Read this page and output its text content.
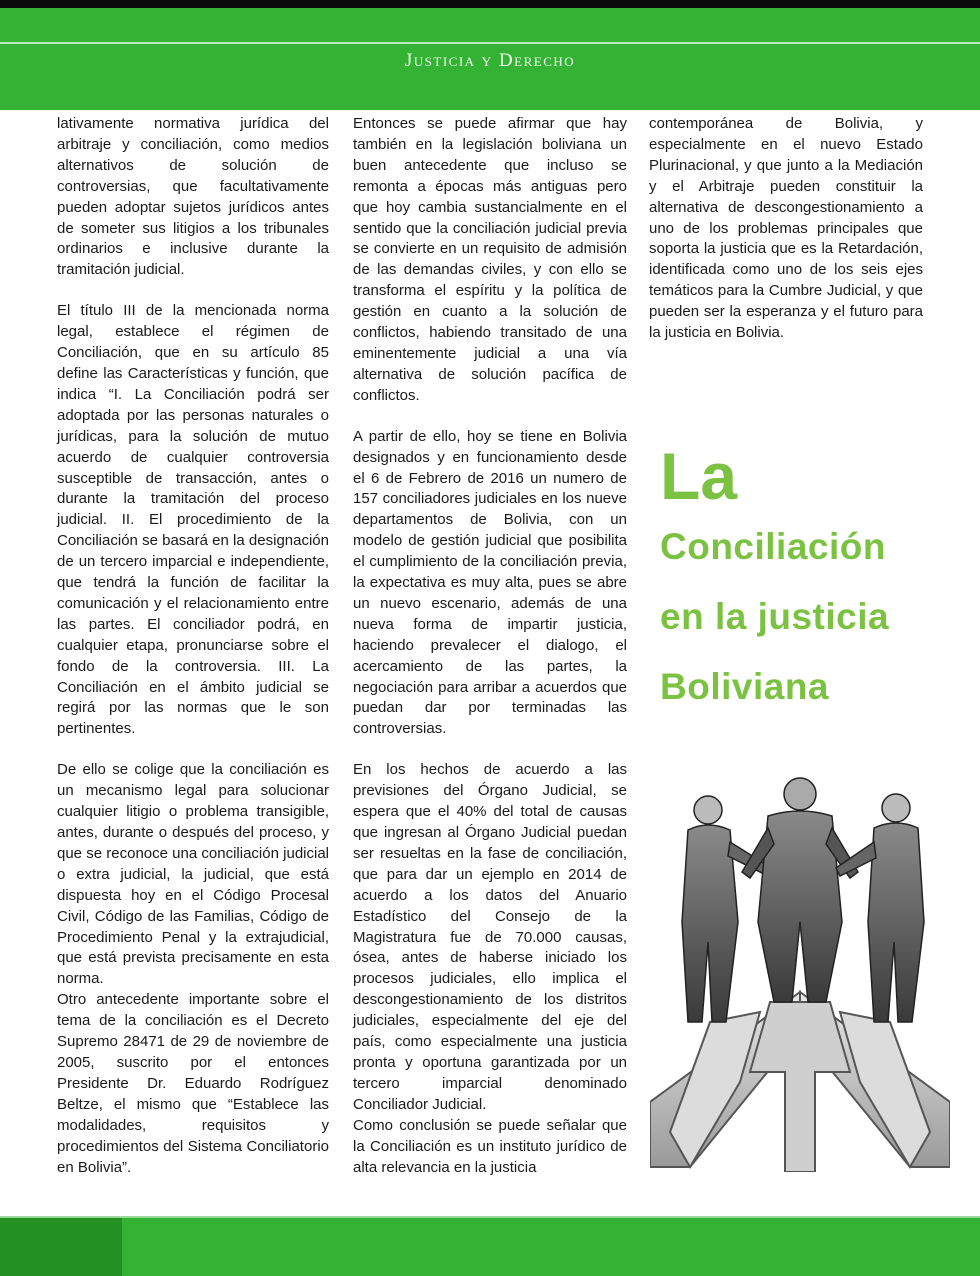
Justicia y Derecho

lativamente normativa jurídica del arbitraje y conciliación, como medios alternativos de solución de controversias, que facultativamente pueden adoptar sujetos jurídicos antes de someter sus litigios a los tribunales ordinarios e inclusive durante la tramitación judicial.

El título III de la mencionada norma legal, establece el régimen de Conciliación, que en su artículo 85 define las Características y función, que indica “I. La Conciliación podrá ser adoptada por las personas naturales o jurídicas, para la solución de mutuo acuerdo de cualquier controversia susceptible de transacción, antes o durante la tramitación del proceso judicial. II. El procedimiento de la Conciliación se basará en la designación de un tercero imparcial e independiente, que tendrá la función de facilitar la comunicación y el relacionamiento entre las partes. El conciliador podrá, en cualquier etapa, pronunciarse sobre el fondo de la controversia. III. La Conciliación en el ámbito judicial se regirá por las normas que le son pertinentes.

De ello se colige que la conciliación es un mecanismo legal para solucionar cualquier litigio o problema transigible, antes, durante o después del proceso, y que se reconoce una conciliación judicial o extra judicial, la judicial, que está dispuesta hoy en el Código Procesal Civil, Código de las Familias, Código de Procedimiento Penal y la extrajudicial, que está prevista precisamente en esta norma.

Otro antecedente importante sobre el tema de la conciliación es el Decreto Supremo 28471 de 29 de noviembre de 2005, suscrito por el entonces Presidente Dr. Eduardo Rodríguez Beltze, el mismo que “Establece las modalidades, requisitos y procedimientos del Sistema Conciliatorio en Bolivia”.

Entonces se puede afirmar que hay también en la legislación boliviana un buen antecedente que incluso se remonta a épocas más antiguas pero que hoy cambia sustancialmente en el sentido que la conciliación judicial previa se convierte en un requisito de admisión de las demandas civiles, y con ello se transforma el espíritu y la política de gestión en cuanto a la solución de conflictos, habiendo transitado de una eminentemente judicial a una vía alternativa de solución pacífica de conflictos.

A partir de ello, hoy se tiene en Bolivia designados y en funcionamiento desde el 6 de Febrero de 2016 un numero de 157 conciliadores judiciales en los nueve departamentos de Bolivia, con un modelo de gestión judicial que posibilita el cumplimiento de la conciliación previa, la expectativa es muy alta, pues se abre un nuevo escenario, además de una nueva forma de impartir justicia, haciendo prevalecer el dialogo, el acercamiento de las partes, la negociación para arribar a acuerdos que puedan dar por terminadas las controversias.

En los hechos de acuerdo a las previsiones del Órgano Judicial, se espera que el 40% del total de causas que ingresan al Órgano Judicial puedan ser resueltas en la fase de conciliación, que para dar un ejemplo en 2014 de acuerdo a los datos del Anuario Estadístico del Consejo de la Magistratura fue de 70.000 causas, ósea, antes de haberse iniciado los procesos judiciales, ello implica el descongestionamiento de los distritos judiciales, especialmente del eje del país, como especialmente una justicia pronta y oportuna garantizada por un tercero imparcial denominado Conciliador Judicial.

Como conclusión se puede señalar que la Conciliación es un instituto jurídico de alta relevancia en la justicia

contemporánea de Bolivia, y especialmente en el nuevo Estado Plurinacional, y que junto a la Mediación y el Arbitraje pueden constituir la alternativa de descongestionamiento a uno de los problemas principales que soporta la justicia que es la Retardación, identificada como uno de los seis ejes temáticos para la Cumbre Judicial, y que pueden ser la esperanza y el futuro para la justicia en Bolivia.

La
Conciliación
en la justicia
Boliviana
